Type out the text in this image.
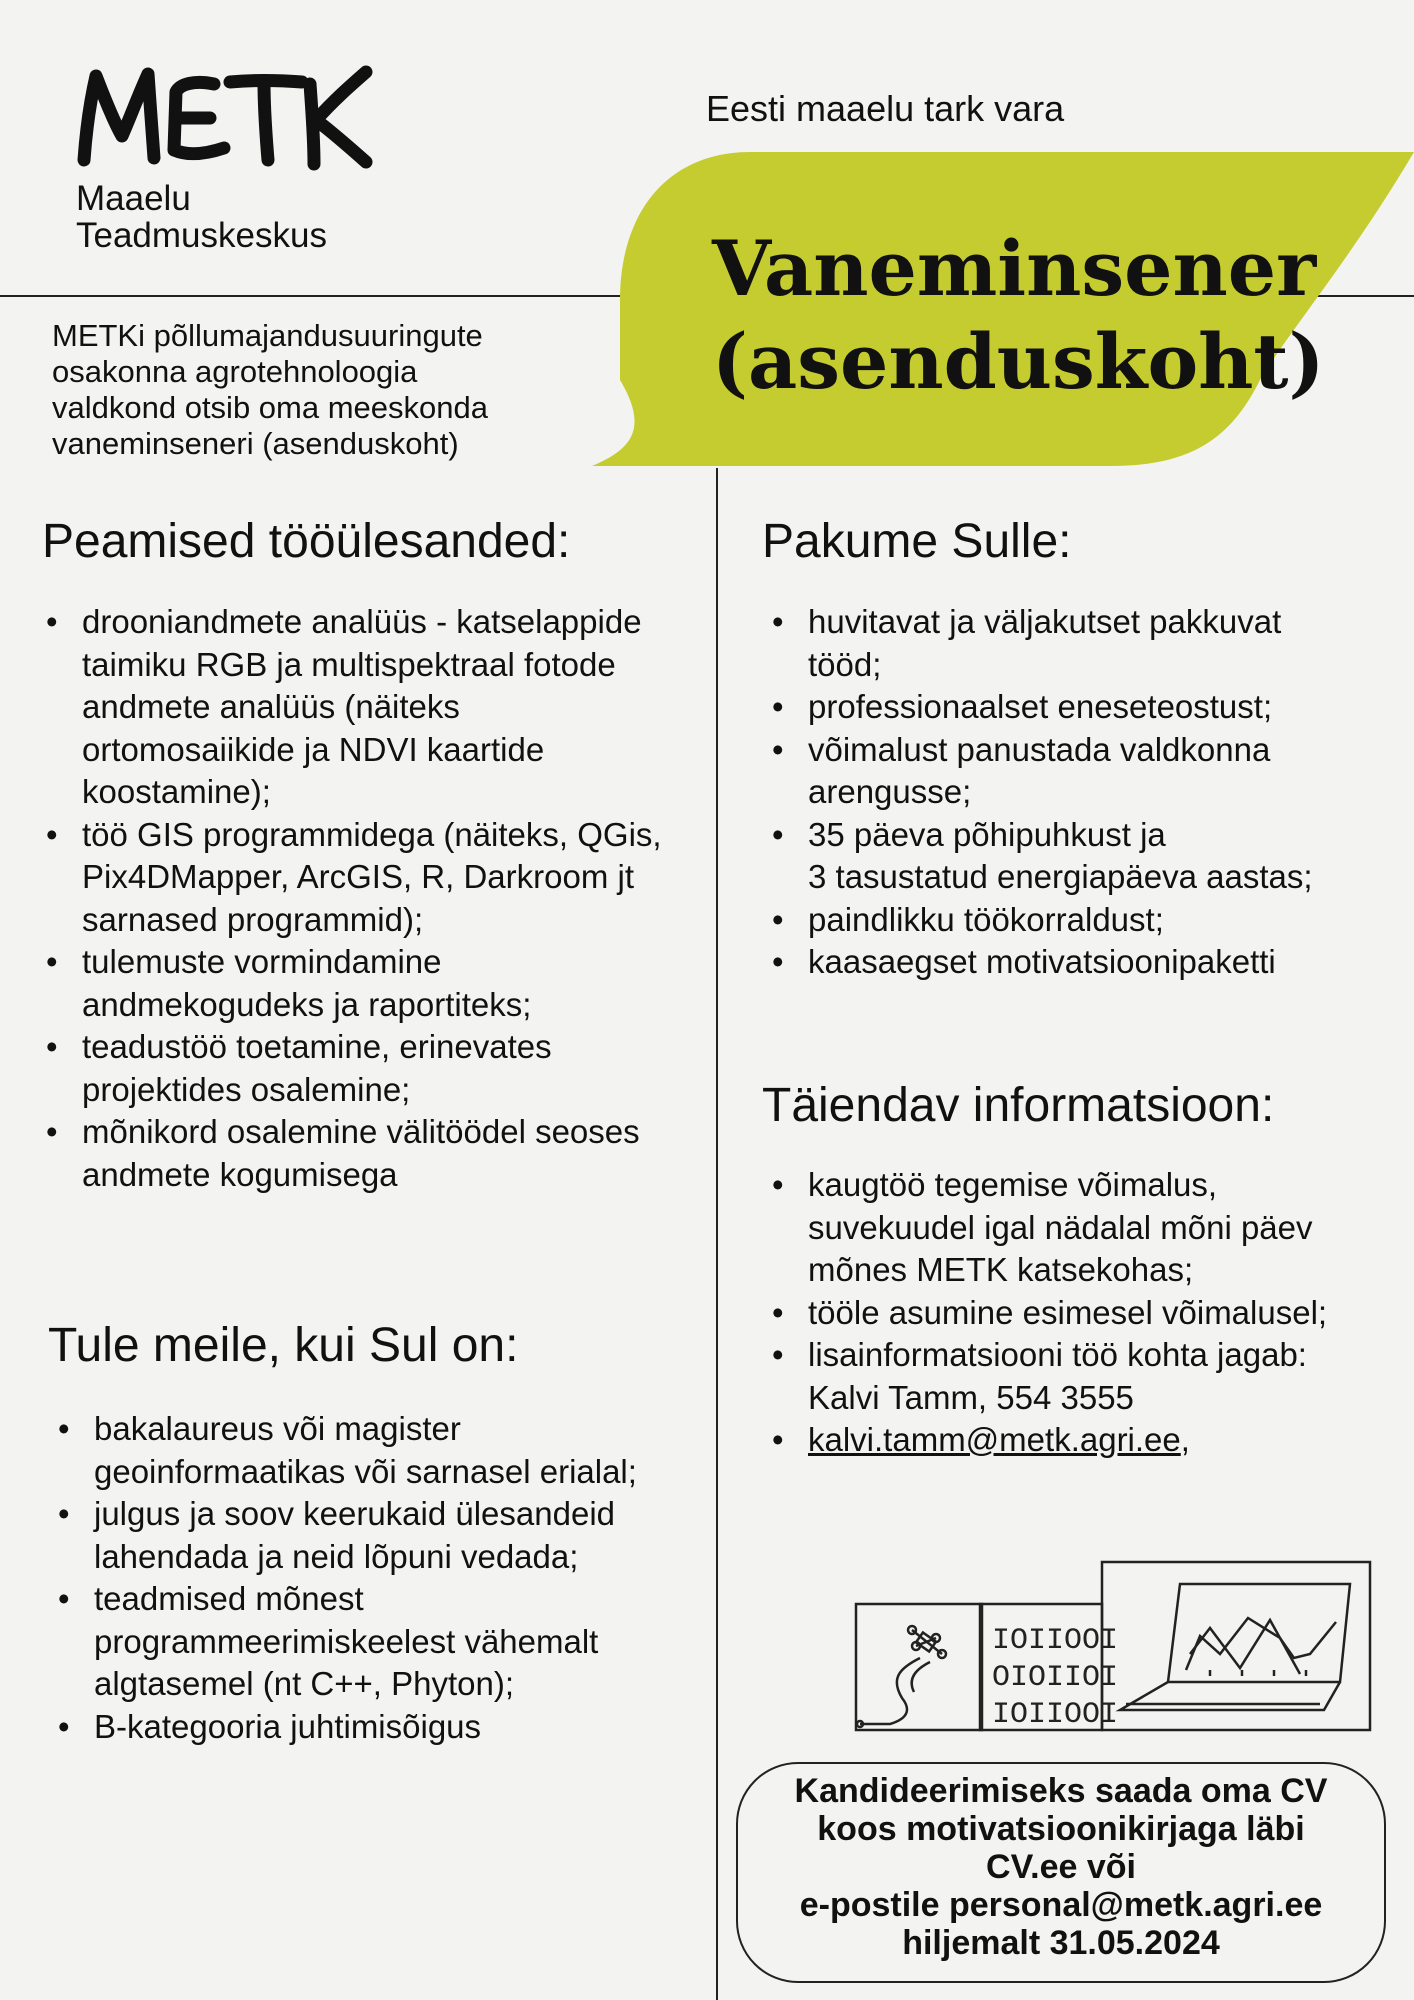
Maaelu
Teadmuskeskus
Eesti maaelu tark vara
Vaneminsener
(asenduskoht)
METKi põllumajandusuuringute
osakonna agrotehnoloogia
valdkond otsib oma meeskonda
vaneminseneri (asenduskoht)
Peamised tööülesanded:
• drooniandmete analüüs - katselappide
taimiku RGB ja multispektraal fotode
andmete analüüs (näiteks
ortomosaiikide ja NDVI kaartide
koostamine);
• töö GIS programmidega (näiteks, QGis,
Pix4DMapper, ArcGIS, R, Darkroom jt
sarnased programmid);
• tulemuste vormindamine
andmekogudeks ja raportiteks;
• teadustöö toetamine, erinevates
projektides osalemine;
• mõnikord osalemine välitöödel seoses
andmete kogumisega
Tule meile, kui Sul on:
• bakalaureus või magister
geoinformaatikas või sarnasel erialal;
• julgus ja soov keerukaid ülesandeid
lahendada ja neid lõpuni vedada;
• teadmised mõnest
programmeerimiskeelest vähemalt
algtasemel (nt C++, Phyton);
• B-kategooria juhtimisõigus
Pakume Sulle:
• huvitavat ja väljakutset pakkuvat
tööd;
• professionaalset eneseteostust;
• võimalust panustada valdkonna
arengusse;
• 35 päeva põhipuhkust ja
3 tasustatud energiapäeva aastas;
• paindlikku töökorraldust;
• kaasaegset motivatsioonipaketti
Täiendav informatsioon:
• kaugtöö tegemise võimalus,
suvekuudel igal nädalal mõni päev
mõnes METK katsekohas;
• tööle asumine esimesel võimalusel;
• lisainformatsiooni töö kohta jagab:
Kalvi Tamm, 554 3555
• kalvi.tamm@metk.agri.ee,
IOIIOOI
OIOIIOI
IOIIOOI
Kandideerimiseks saada oma CV
koos motivatsioonikirjaga läbi
CV.ee või
e-postile personal@metk.agri.ee
hiljemalt 31.05.2024
